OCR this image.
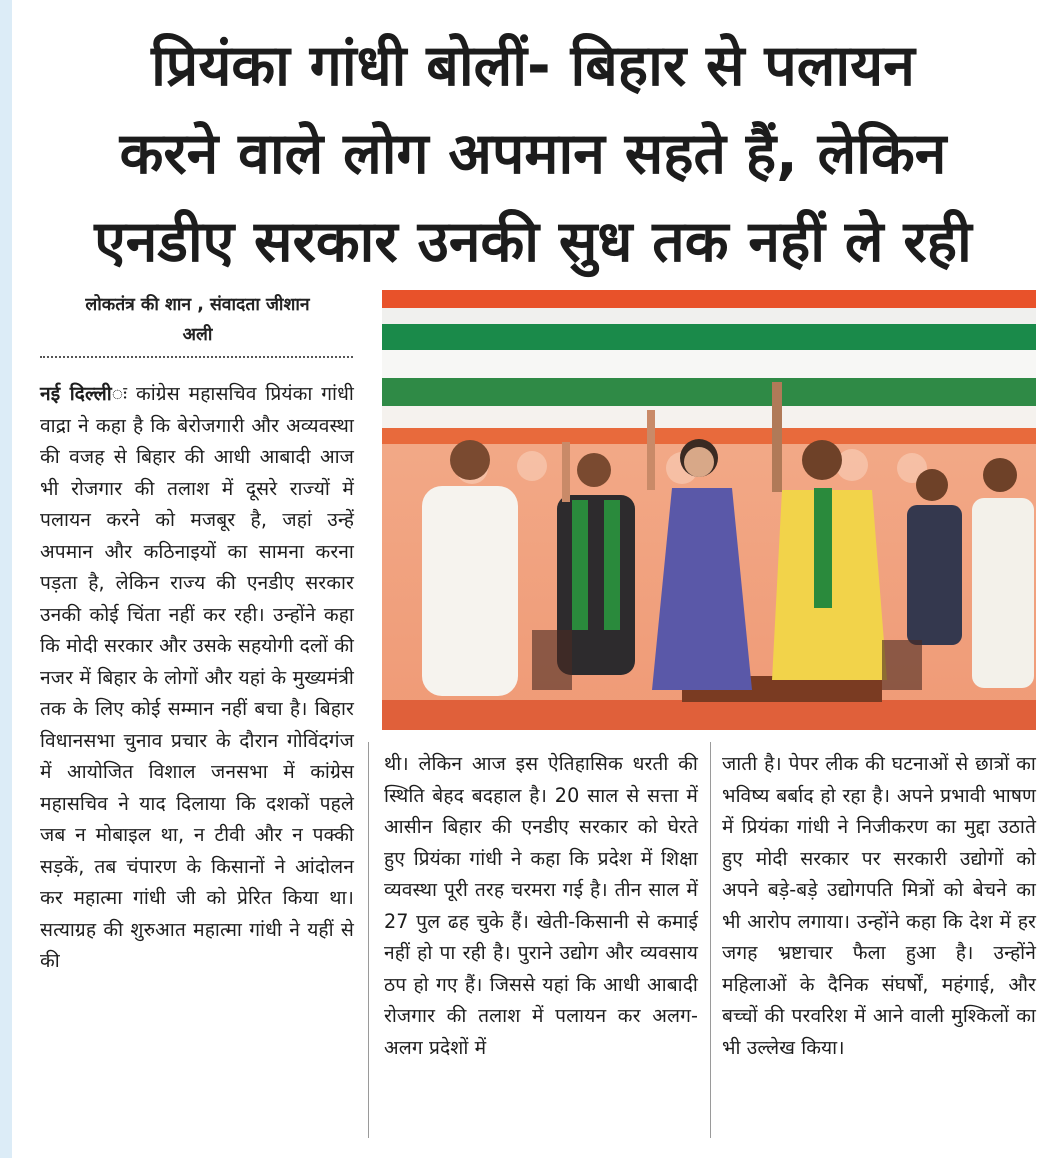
प्रियंका गांधी बोलीं- बिहार से पलायन
करने वाले लोग अपमान सहते हैं, लेकिन
एनडीए सरकार उनकी सुध तक नहीं ले रही
लोकतंत्र की शान , संवादता जीशान
अली

नई दिल्लीः कांग्रेस महासचिव प्रियंका गांधी वाद्रा ने कहा है कि बेरोजगारी और अव्यवस्था की वजह से बिहार की आधी आबादी आज भी रोजगार की तलाश में दूसरे राज्यों में पलायन करने को मजबूर है, जहां उन्हें अपमान और कठिनाइयों का सामना करना पड़ता है, लेकिन राज्य की एनडीए सरकार उनकी कोई चिंता नहीं कर रही। उन्होंने कहा कि मोदी सरकार और उसके सहयोगी दलों की नजर में बिहार के लोगों और यहां के मुख्यमंत्री तक के लिए कोई सम्मान नहीं बचा है। बिहार विधानसभा चुनाव प्रचार के दौरान गोविंदगंज में आयोजित विशाल जनसभा में कांग्रेस महासचिव ने याद दिलाया कि दशकों पहले जब न मोबाइल था, न टीवी और न पक्की सड़कें, तब चंपारण के किसानों ने आंदोलन कर महात्मा गांधी जी को प्रेरित किया था। सत्याग्रह की शुरुआत महात्मा गांधी ने यहीं से की

थी। लेकिन आज इस ऐतिहासिक धरती की स्थिति बेहद बदहाल है। 20 साल से सत्ता में आसीन बिहार की एनडीए सरकार को घेरते हुए प्रियंका गांधी ने कहा कि प्रदेश में शिक्षा व्यवस्था पूरी तरह चरमरा गई है। तीन साल में 27 पुल ढह चुके हैं। खेती-किसानी से कमाई नहीं हो पा रही है। पुराने उद्योग और व्यवसाय ठप हो गए हैं। जिससे यहां कि आधी आबादी रोजगार की तलाश में पलायन कर अलग-अलग प्रदेशों में

जाती है। पेपर लीक की घटनाओं से छात्रों का भविष्य बर्बाद हो रहा है। अपने प्रभावी भाषण में प्रियंका गांधी ने निजीकरण का मुद्दा उठाते हुए मोदी सरकार पर सरकारी उद्योगों को अपने बड़े-बड़े उद्योगपति मित्रों को बेचने का भी आरोप लगाया। उन्होंने कहा कि देश में हर जगह भ्रष्टाचार फैला हुआ है। उन्होंने महिलाओं के दैनिक संघर्षों, महंगाई, और बच्चों की परवरिश में आने वाली मुश्किलों का भी उल्लेख किया।
